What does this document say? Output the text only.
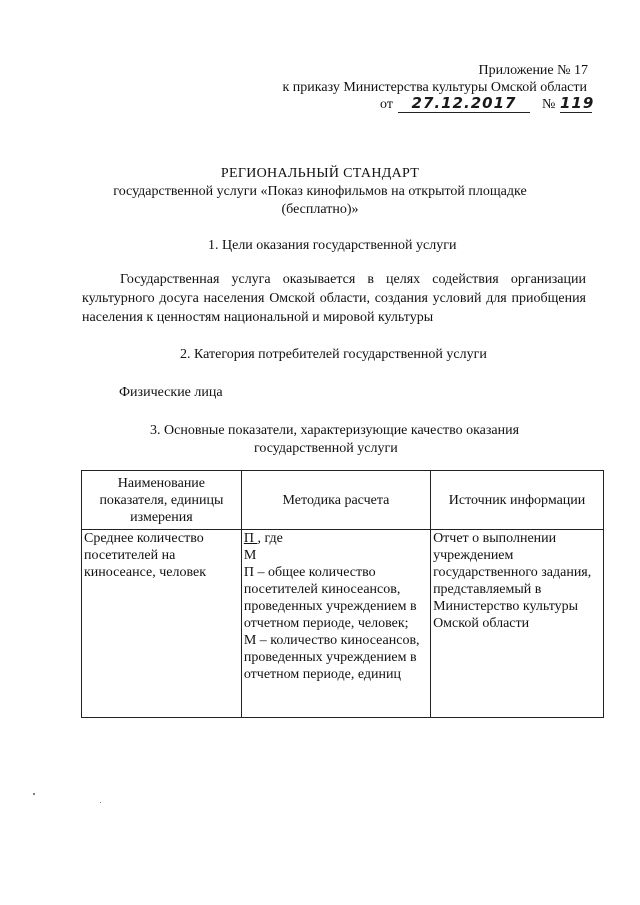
Приложение № 17
к приказу Министерства культуры Омской области
от	27.12.2017	№ 119
РЕГИОНАЛЬНЫЙ СТАНДАРТ
государственной услуги «Показ кинофильмов на открытой площадке
(бесплатно)»
1. Цели оказания государственной услуги
Государственная услуга оказывается в целях содействия организации культурного досуга населения Омской области, создания условий для приобщения населения к ценностям национальной и мировой культуры
2. Категория потребителей государственной услуги
Физические лица
3. Основные показатели, характеризующие качество оказания
государственной услуги
Наименование показателя, единицы измерения	Методика расчета	Источник информации
Среднее количество посетителей на киносеансе, человек	П , где
М
П – общее количество посетителей киносеансов, проведенных учреждением в отчетном периоде, человек;
М – количество киносеансов, проведенных учреждением в отчетном периоде, единиц	Отчет о выполнении учреждением государственного задания, представляемый в Министерство культуры Омской области
